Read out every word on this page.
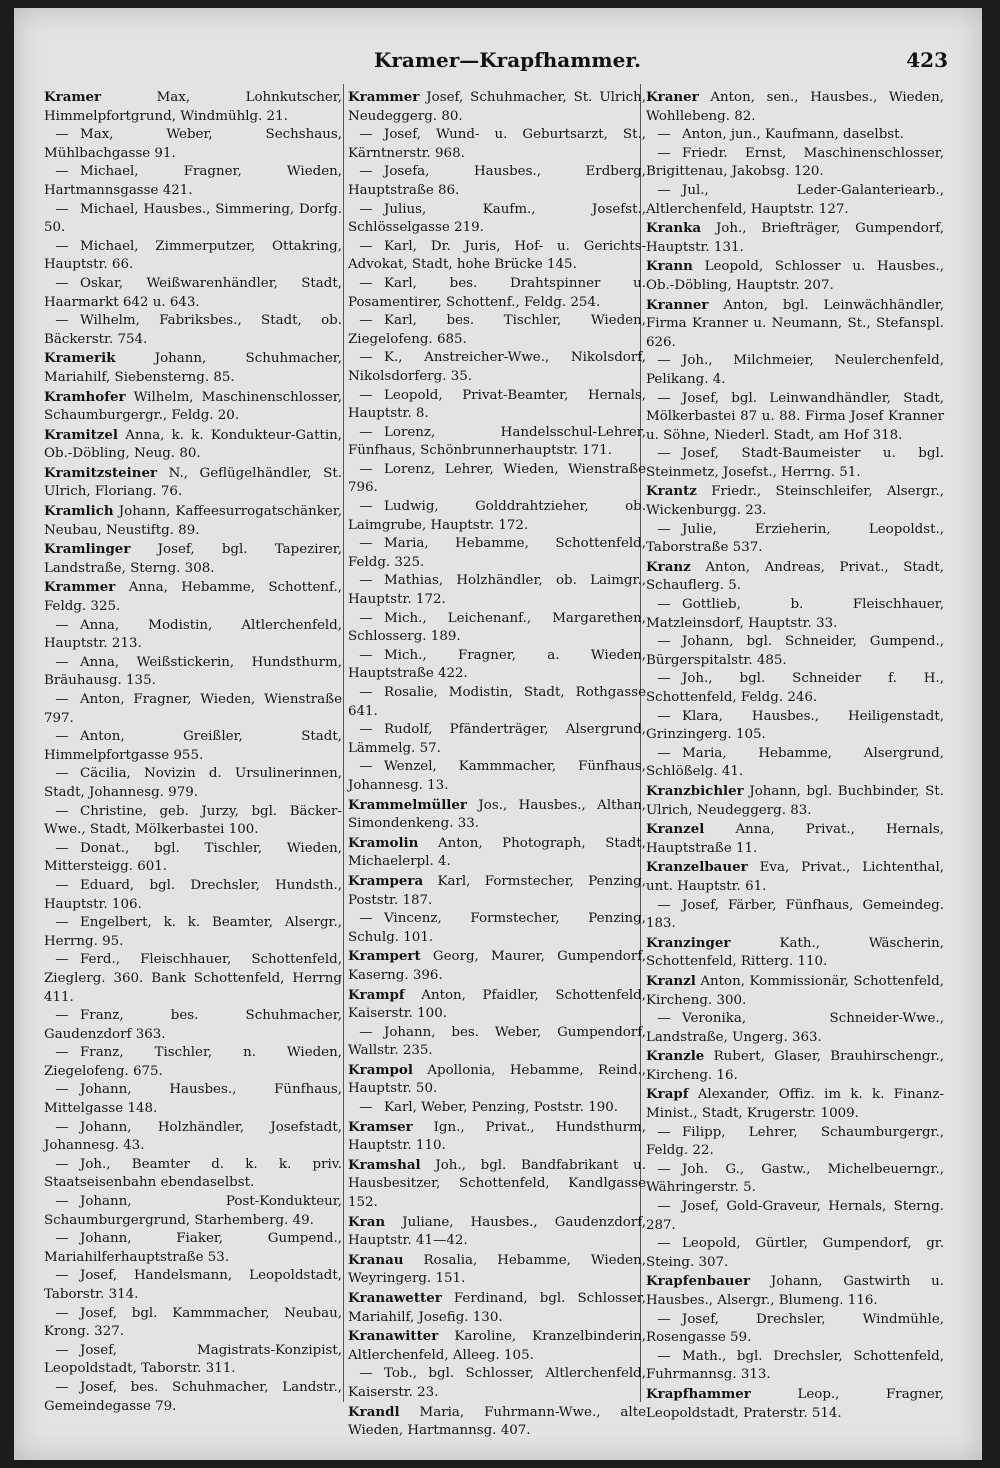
Kramer—Krapfhammer.	423

Kramer	Max, Lohnkutscher, Himmelpfortgrund, Windmühlg. 21.

— Max, Weber, Sechshaus, Mühlbachgasse 91.

— Michael, Fragner, Wieden, Hartmannsgasse 421.

— Michael, Hausbes., Simmering, Dorfg. 50.

— Michael, Zimmerputzer, Ottakring, Hauptstr. 66.

— Oskar, Weißwarenhändler, Stadt, Haarmarkt 642 u. 643.

— Wilhelm, Fabriksbes., Stadt, ob. Bäckerstr. 754.

Kramerik	Johann, Schuhmacher, Mariahilf, Siebensterng. 85.

Kramhofer Wilhelm, Maschinenschlosser, Schaumburgergr., Feldg. 20.

Kramitzel Anna, k. k. Kondukteur-Gattin, Ob.-Döbling, Neug. 80.

Kramitzsteiner N., Geflügelhändler, St. Ulrich, Floriang. 76.

Kramlich Johann, Kaffeesurrogatschänker, Neubau, Neustiftg. 89.

Kramlinger Josef, bgl. Tapezirer, Landstraße, Sterng. 308.

Krammer Anna, Hebamme, Schottenf., Feldg. 325.

— Anna, Modistin, Altlerchenfeld, Hauptstr. 213.

— Anna, Weißstickerin, Hundsthurm, Bräuhausg. 135.

— Anton, Fragner, Wieden, Wienstraße 797.

— Anton, Greißler, Stadt, Himmelpfortgasse 955.

— Cäcilia, Novizin d. Ursulinerinnen, Stadt, Johannesg. 979.

— Christine, geb. Jurzy, bgl. Bäcker-Wwe., Stadt, Mölkerbastei 100.

— Donat., bgl. Tischler, Wieden, Mittersteigg. 601.

— Eduard, bgl. Drechsler, Hundsth., Hauptstr. 106.

— Engelbert, k. k. Beamter, Alsergr., Herrng. 95.

— Ferd., Fleischhauer, Schottenfeld, Zieglerg. 360. Bank Schottenfeld, Herrng 411.

— Franz, bes. Schuhmacher, Gaudenzdorf 363.

— Franz, Tischler, n. Wieden, Ziegelofeng. 675.

— Johann, Hausbes., Fünfhaus, Mittelgasse 148.

— Johann, Holzhändler, Josefstadt, Johannesg. 43.

— Joh., Beamter d. k. k. priv. Staatseisenbahn ebendaselbst.

— Johann, Post-Kondukteur, Schaumburgergrund, Starhemberg. 49.

— Johann, Fiaker, Gumpend., Mariahilferhauptstraße 53.

— Josef, Handelsmann, Leopoldstadt, Taborstr. 314.

— Josef, bgl. Kammmacher, Neubau, Krong. 327.

— Josef, Magistrats-Konzipist, Leopoldstadt, Taborstr. 311.

— Josef, bes. Schuhmacher, Landstr., Gemeindegasse 79.

Krammer Josef, Schuhmacher, St. Ulrich, Neudeggerg. 80.

— Josef, Wund- u. Geburtsarzt, St., Kärntnerstr. 968.

— Josefa, Hausbes., Erdberg, Hauptstraße 86.

— Julius, Kaufm., Josefst., Schlösselgasse 219.

— Karl, Dr. Juris, Hof- u. Gerichts-Advokat, Stadt, hohe Brücke 145.

— Karl, bes. Drahtspinner u. Posamentirer, Schottenf., Feldg. 254.

— Karl, bes. Tischler, Wieden, Ziegelofeng. 685.

— K., Anstreicher-Wwe., Nikolsdorf, Nikolsdorferg. 35.

— Leopold, Privat-Beamter, Hernals, Hauptstr. 8.

— Lorenz, Handelsschul-Lehrer, Fünfhaus, Schönbrunnerhauptstr. 171.

— Lorenz, Lehrer, Wieden, Wienstraße 796.

— Ludwig, Golddrahtzieher, ob. Laimgrube, Hauptstr. 172.

— Maria, Hebamme, Schottenfeld, Feldg. 325.

— Mathias, Holzhändler, ob. Laimgr., Hauptstr. 172.

— Mich., Leichenanf., Margarethen, Schlosserg. 189.

— Mich., Fragner, a. Wieden, Hauptstraße 422.

— Rosalie, Modistin, Stadt, Rothgasse 641.

— Rudolf, Pfänderträger, Alsergrund, Lämmelg. 57.

— Wenzel, Kammmacher, Fünfhaus, Johannesg. 13.

Krammelmüller Jos., Hausbes., Althan, Simondenkeng. 33.

Kramolin Anton, Photograph, Stadt, Michaelerpl. 4.

Krampera Karl, Formstecher, Penzing, Poststr. 187.

— Vincenz, Formstecher, Penzing, Schulg. 101.

Krampert Georg, Maurer, Gumpendorf, Kaserng. 396.

Krampf Anton, Pfaidler, Schottenfeld, Kaiserstr. 100.

— Johann, bes. Weber, Gumpendorf, Wallstr. 235.

Krampol Apollonia, Hebamme, Reind., Hauptstr. 50.

— Karl, Weber, Penzing, Poststr. 190.

Kramser Ign., Privat., Hundsthurm, Hauptstr. 110.

Kramshal Joh., bgl. Bandfabrikant u. Hausbesitzer, Schottenfeld, Kandlgasse 152.

Kran Juliane, Hausbes., Gaudenzdorf, Hauptstr. 41—42.

Kranau Rosalia, Hebamme, Wieden, Weyringerg. 151.

Kranawetter Ferdinand, bgl. Schlosser, Mariahilf, Josefig. 130.

Kranawitter Karoline, Kranzelbinderin, Altlerchenfeld, Alleeg. 105.

— Tob., bgl. Schlosser, Altlerchenfeld, Kaiserstr. 23.

Krandl Maria, Fuhrmann-Wwe., alte Wieden, Hartmannsg. 407.

Kraner Anton, sen., Hausbes., Wieden, Wohllebeng. 82.

— Anton, jun., Kaufmann, daselbst.

— Friedr. Ernst, Maschinenschlosser, Brigittenau, Jakobsg. 120.

— Jul., Leder-Galanteriearb., Altlerchenfeld, Hauptstr. 127.

Kranka Joh., Briefträger, Gumpendorf, Hauptstr. 131.

Krann Leopold, Schlosser u. Hausbes., Ob.-Döbling, Hauptstr. 207.

Kranner Anton, bgl. Leinwächhändler, Firma Kranner u. Neumann, St., Stefanspl. 626.

— Joh., Milchmeier, Neulerchenfeld, Pelikang. 4.

— Josef, bgl. Leinwandhändler, Stadt, Mölkerbastei 87 u. 88. Firma Josef Kranner u. Söhne, Niederl. Stadt, am Hof 318.

— Josef, Stadt-Baumeister u. bgl. Steinmetz, Josefst., Herrng. 51.

Krantz Friedr., Steinschleifer, Alsergr., Wickenburgg. 23.

— Julie, Erzieherin, Leopoldst., Taborstraße 537.

Kranz Anton, Andreas, Privat., Stadt, Schauflerg. 5.

— Gottlieb, b. Fleischhauer, Matzleinsdorf, Hauptstr. 33.

— Johann, bgl. Schneider, Gumpend., Bürgerspitalstr. 485.

— Joh., bgl. Schneider f. H., Schottenfeld, Feldg. 246.

— Klara, Hausbes., Heiligenstadt, Grinzingerg. 105.

— Maria, Hebamme, Alsergrund, Schlößelg. 41.

Kranzbichler Johann, bgl. Buchbinder, St. Ulrich, Neudeggerg. 83.

Kranzel Anna, Privat., Hernals, Hauptstraße 11.

Kranzelbauer Eva, Privat., Lichtenthal, unt. Hauptstr. 61.

— Josef, Färber, Fünfhaus, Gemeindeg. 183.

Kranzinger	Kath., Wäscherin, Schottenfeld, Ritterg. 110.

Kranzl Anton, Kommissionär, Schottenfeld, Kircheng. 300.

— Veronika, Schneider-Wwe., Landstraße, Ungerg. 363.

Kranzle Rubert, Glaser, Brauhirschengr., Kircheng. 16.

Krapf Alexander, Offiz. im k. k. Finanz-Minist., Stadt, Krugerstr. 1009.

— Filipp, Lehrer, Schaumburgergr., Feldg. 22.

— Joh. G., Gastw., Michelbeuerngr., Währingerstr. 5.

— Josef, Gold-Graveur, Hernals, Sterng. 287.

— Leopold, Gürtler, Gumpendorf, gr. Steing. 307.

Krapfenbauer Johann, Gastwirth u. Hausbes., Alsergr., Blumeng. 116.

— Josef, Drechsler, Windmühle, Rosengasse 59.

— Math., bgl. Drechsler, Schottenfeld, Fuhrmannsg. 313.

Krapfhammer	Leop., Fragner, Leopoldstadt, Praterstr. 514.
